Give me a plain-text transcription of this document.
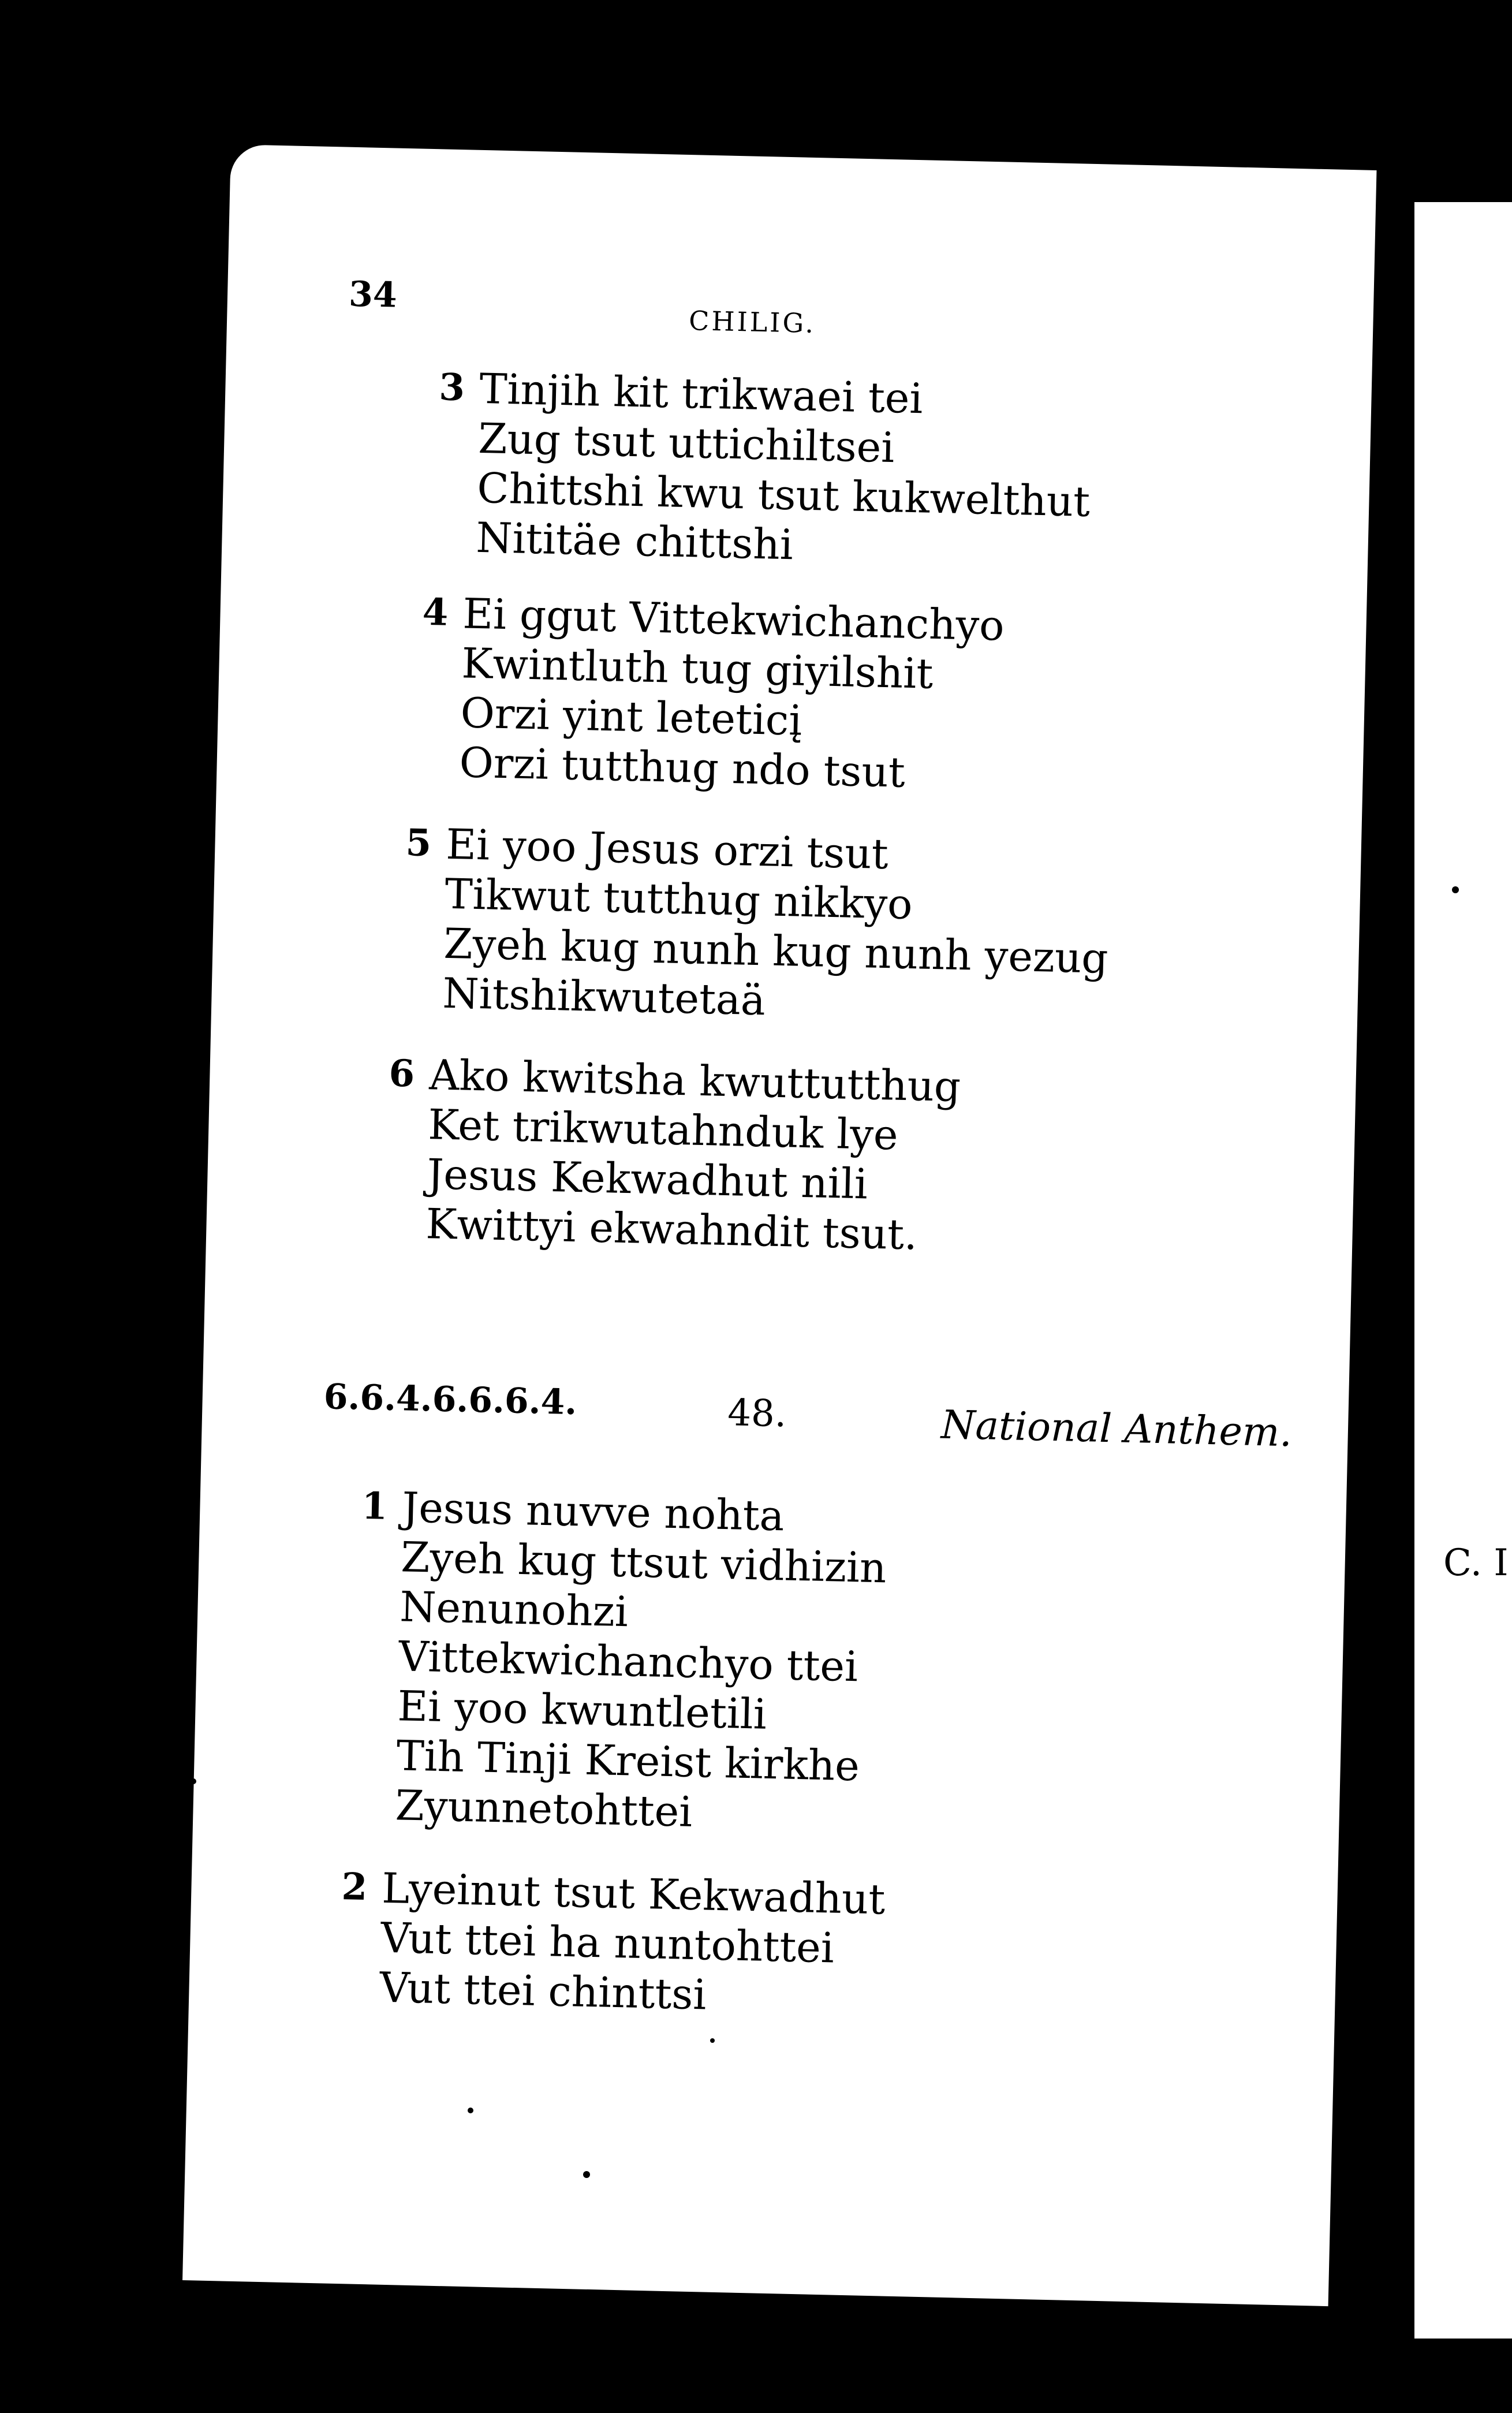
C. I
34
CHILIG.
3 Tinjih kit trikwaei tei
Zug tsut uttichiltsei
Chittshi kwu tsut kukwelthut
Nititäe chittshi
4 Ei ggut Vittekwichanchyo
Kwintluth tug giyilshit
Orzi yint leteticį
Orzi tutthug ndo tsut
5 Ei yoo Jesus orzi tsut
Tikwut tutthug nikkyo
Zyeh kug nunh kug nunh yezug
Nitshikwutetaä
6 Ako kwitsha kwuttutthug
Ket trikwutahnduk lye
Jesus Kekwadhut nili
Kwittyi ekwahndit tsut.
6.6.4.6.6.6.4.	48.	National Anthem.
1 Jesus nuvve nohta
Zyeh kug ttsut vidhizin
Nenunohzi
Vittekwichanchyo ttei
Ei yoo kwuntletili
Tih Tinji Kreist kirkhe
Zyunnetohttei
2 Lyeinut tsut Kekwadhut
Vut ttei ha nuntohttei
Vut ttei chinttsi
